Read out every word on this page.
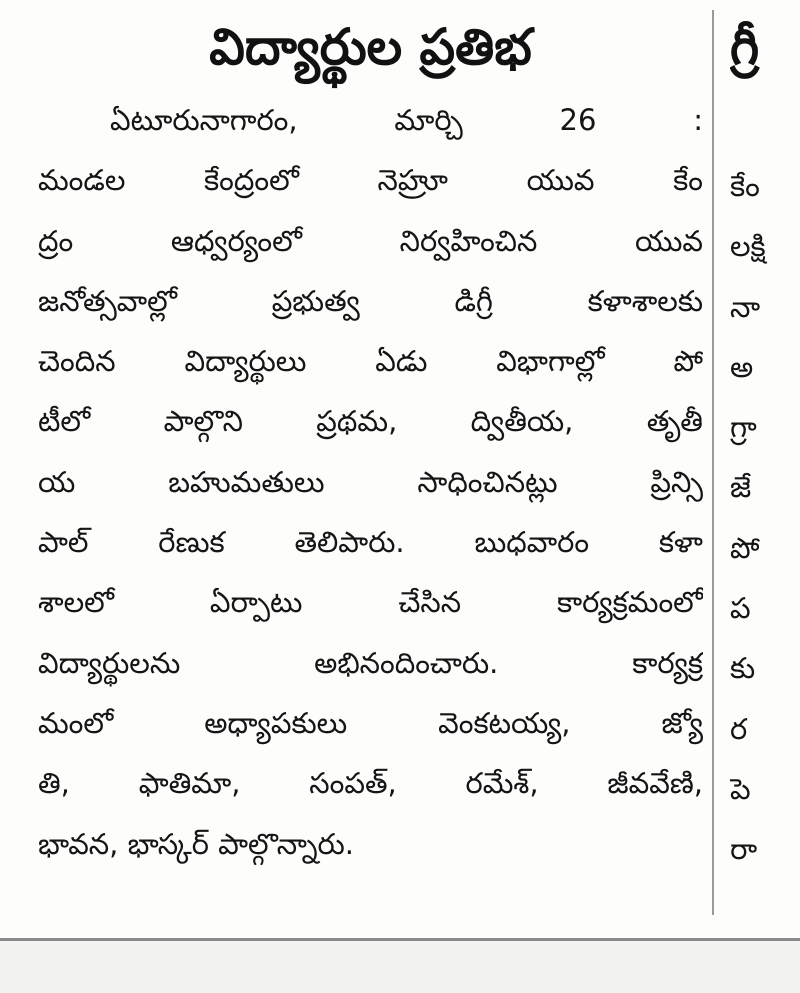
విద్యార్థుల ప్రతిభ
ఏటూరునాగారం, మార్చి 26 :
మండల కేంద్రంలో నెహ్రూ యువ కేం
ద్రం ఆధ్వర్యంలో నిర్వహించిన యువ
జనోత్సవాల్లో ప్రభుత్వ డిగ్రీ కళాశాలకు
చెందిన విద్యార్థులు ఏడు విభాగాల్లో పో
టీలో పాల్గొని ప్రథమ, ద్వితీయ, తృతీ
య బహుమతులు సాధించినట్లు ప్రిన్సి
పాల్ రేణుక తెలిపారు. బుధవారం కళా
శాలలో ఏర్పాటు చేసిన కార్యక్రమంలో
విద్యార్థులను అభినందించారు. కార్యక్ర
మంలో అధ్యాపకులు వెంకటయ్య, జ్యో
తి, ఫాతిమా, సంపత్, రమేశ్, జీవవేణి,
భావన, భాస్కర్ పాల్గొన్నారు.
గ్రీ
కేం
లక్షి
నా
అ
గ్రా
జే
పో
ప
కు
ర
పె
రా
